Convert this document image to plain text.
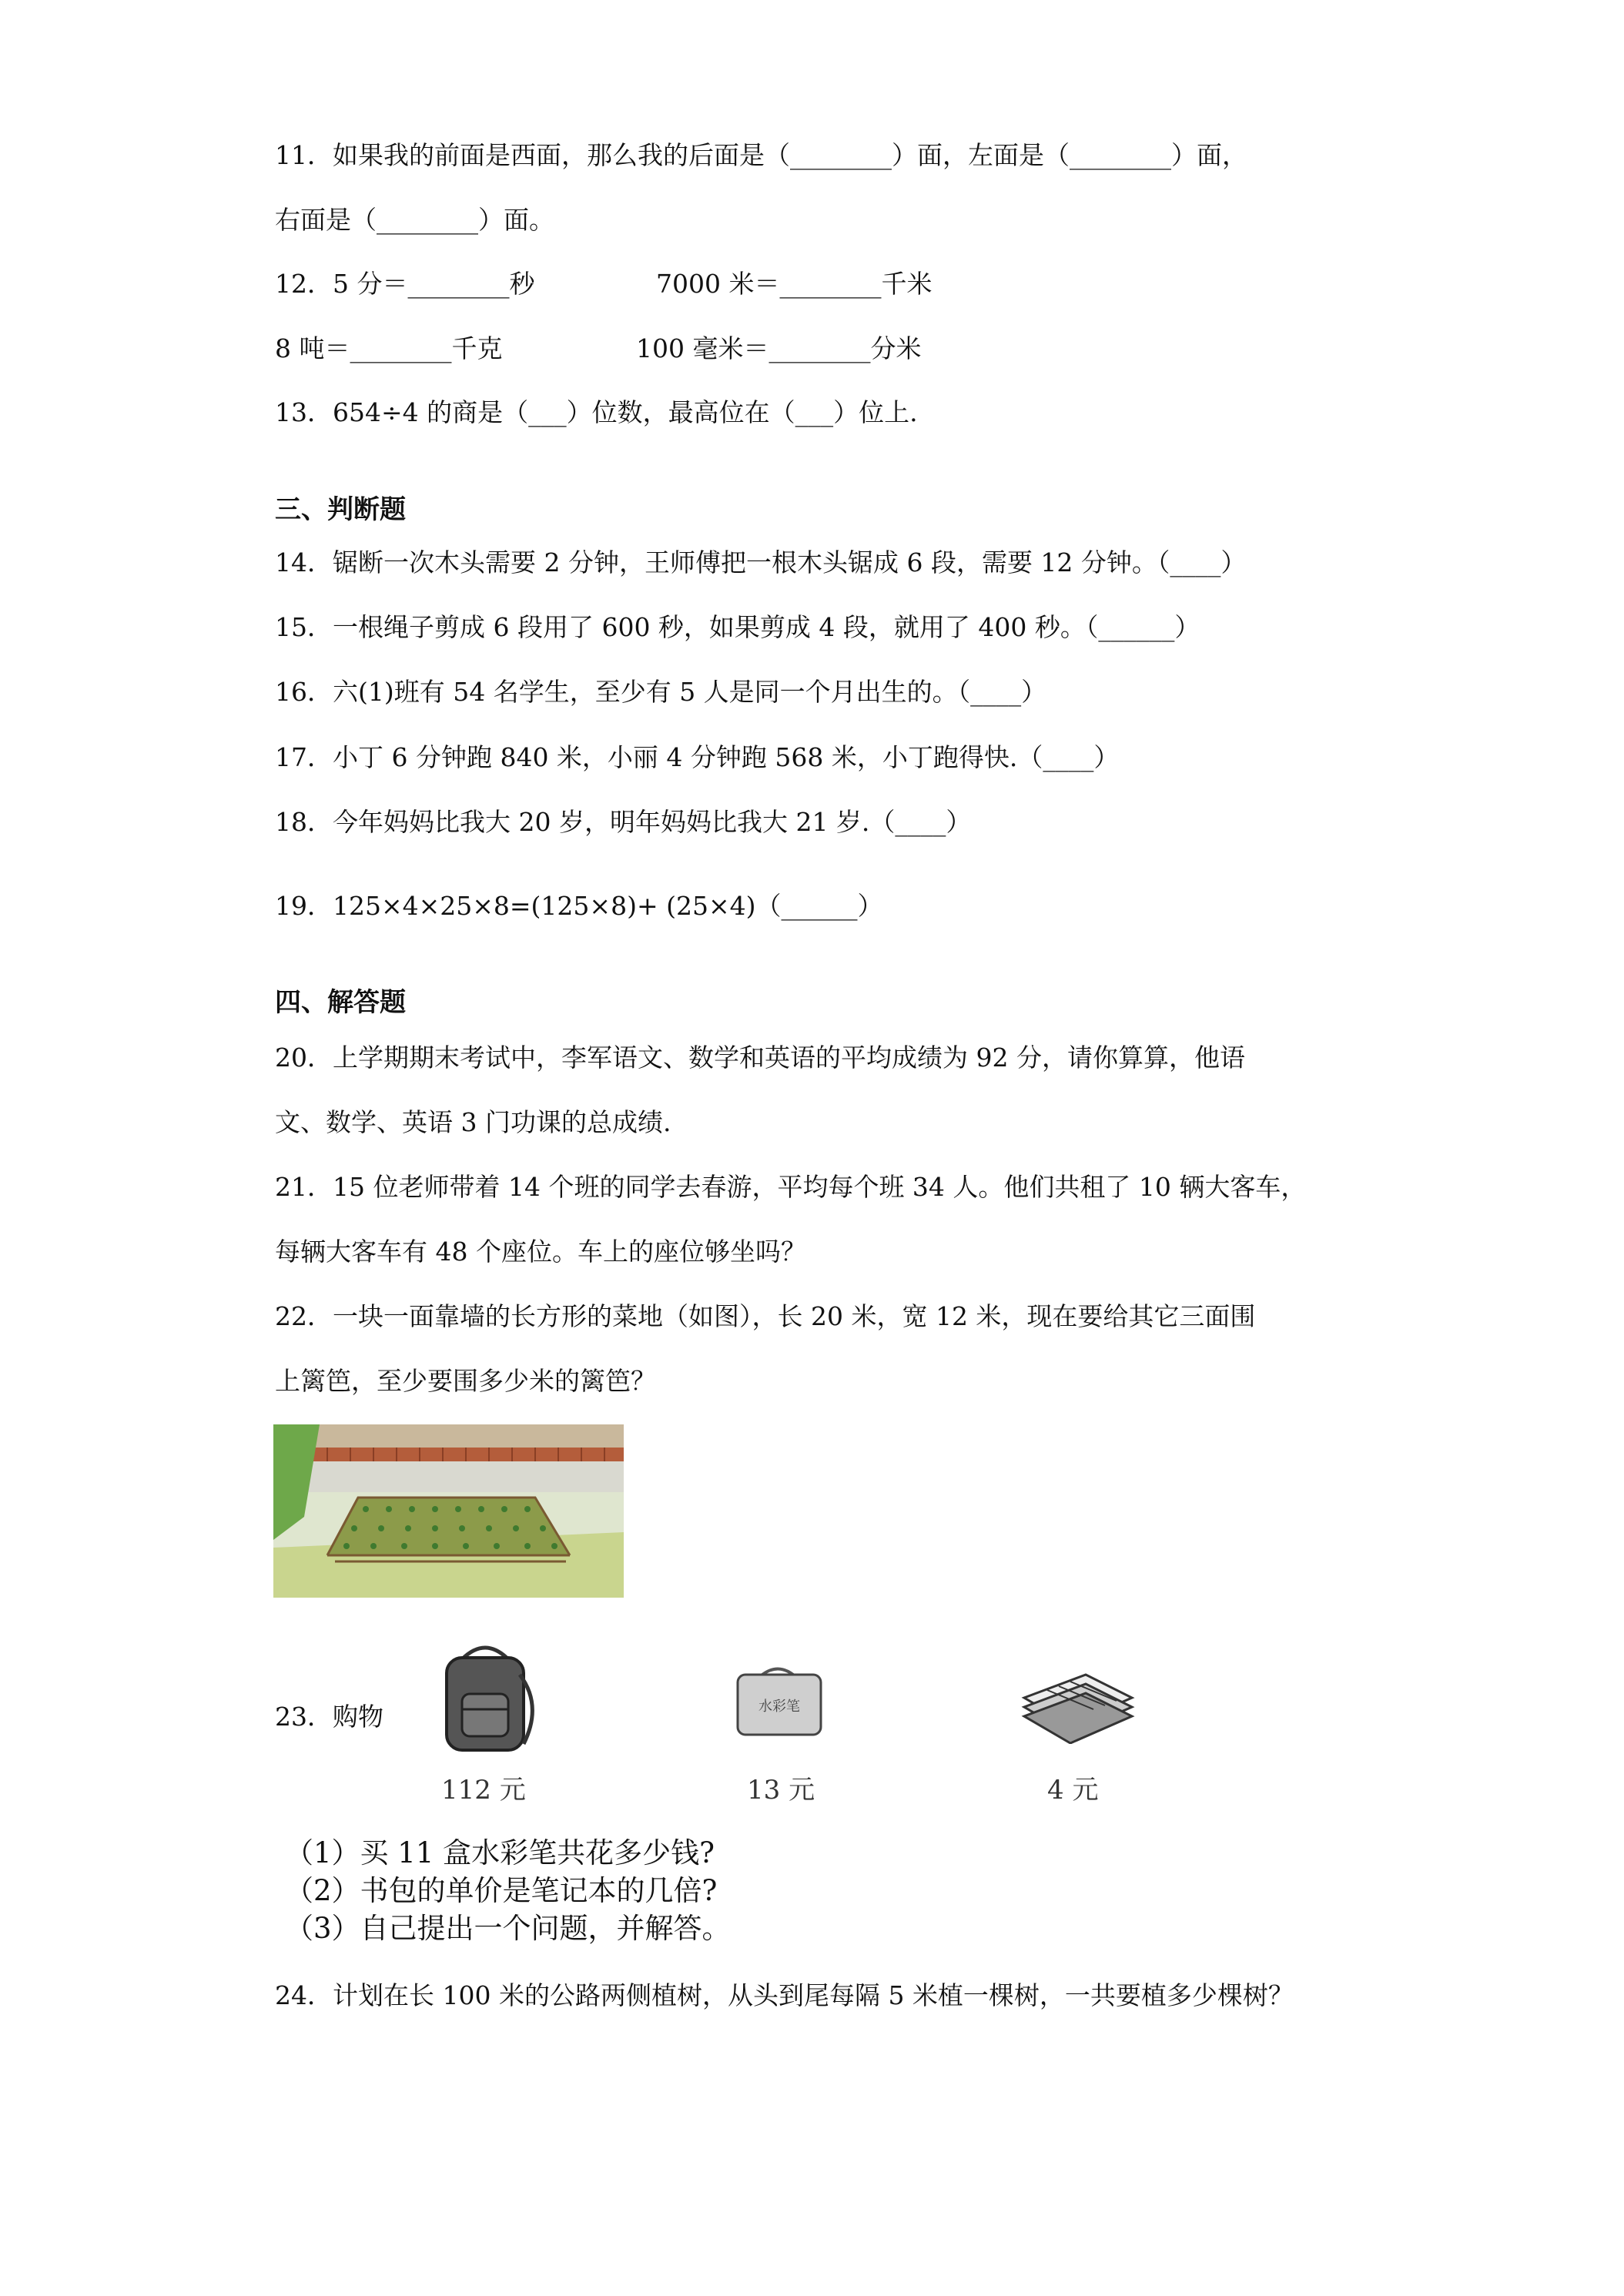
11．如果我的前面是西面，那么我的后面是（________）面，左面是（________）面，
右面是（________）面。
12．5 分＝________秒	7000 米＝________千米
8 吨＝________千克	100 毫米＝________分米
13．654÷4 的商是（___）位数，最高位在（___）位上.
三、判断题
14．锯断一次木头需要 2 分钟，王师傅把一根木头锯成 6 段，需要 12 分钟。（____）
15．一根绳子剪成 6 段用了 600 秒，如果剪成 4 段，就用了 400 秒。（______）
16．六(1)班有 54 名学生，至少有 5 人是同一个月出生的。（____）
17．小丁 6 分钟跑 840 米，小丽 4 分钟跑 568 米，小丁跑得快.（____）
18．今年妈妈比我大 20 岁，明年妈妈比我大 21 岁.（____）
19．125×4×25×8=(125×8)+ (25×4)（______）
四、解答题
20．上学期期末考试中，李军语文、数学和英语的平均成绩为 92 分，请你算算，他语
文、数学、英语 3 门功课的总成绩.
21．15 位老师带着 14 个班的同学去春游，平均每个班 34 人。他们共租了 10 辆大客车，
每辆大客车有 48 个座位。车上的座位够坐吗？
22．一块一面靠墙的长方形的菜地（如图），长 20 米，宽 12 米，现在要给其它三面围
上篱笆，至少要围多少米的篱笆？
23．购物
112 元
水彩笔
13 元	4 元
（1）买 11 盒水彩笔共花多少钱?
（2）书包的单价是笔记本的几倍?
（3）自己提出一个问题，并解答。
24．计划在长 100 米的公路两侧植树，从头到尾每隔 5 米植一棵树，一共要植多少棵树？
